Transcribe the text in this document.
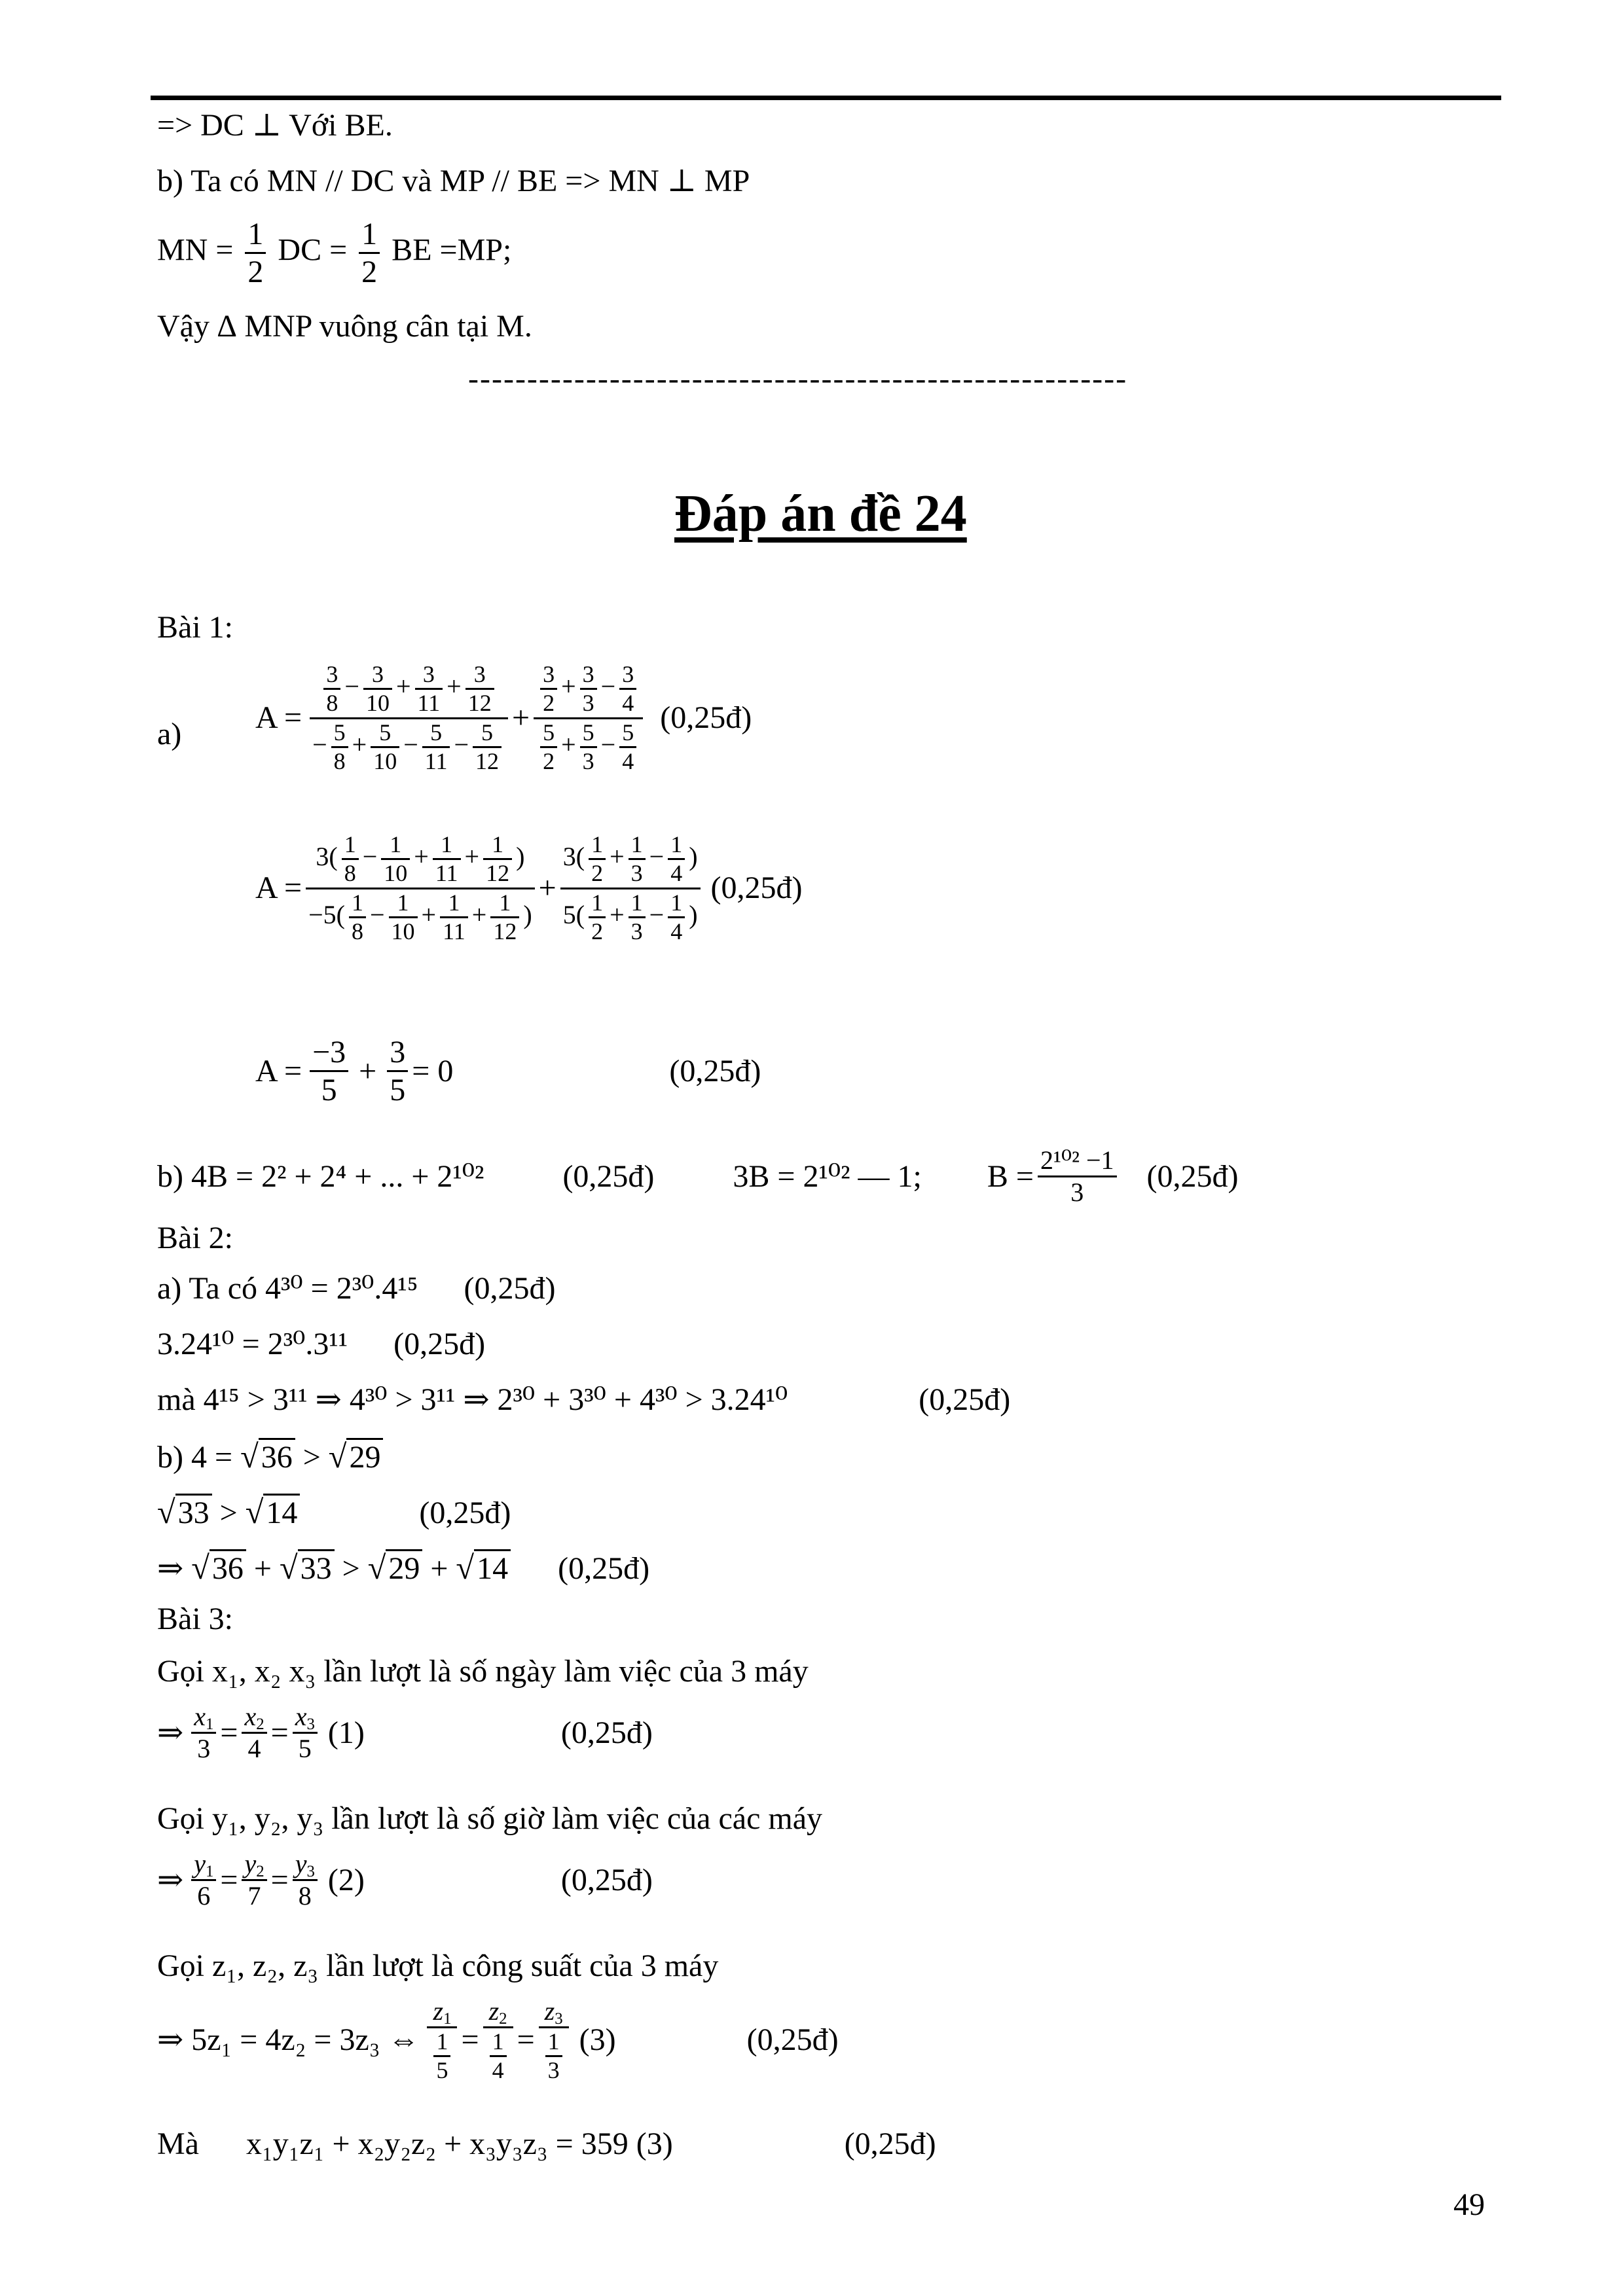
=> DC ⊥ Với BE.
b) Ta có MN // DC và MP // BE => MN ⊥ MP
MN = $\frac{1}{2}$ DC = $\frac{1}{2}$ BE =MP;
Vậy ∆ MNP vuông cân tại M.
--------------------------------------------------------
Đáp án đề 24
Bài 1:
a) $A = \frac{\frac{3}{8} - \frac{3}{10} + \frac{3}{11} + \frac{3}{12}}{- \frac{5}{8} + \frac{5}{10} - \frac{5}{11} - \frac{5}{12}} + \frac{\frac{3}{2} + \frac{3}{3} - \frac{3}{4}}{\frac{5}{2} + \frac{5}{3} - \frac{5}{4}}$ (0,25đ)
$A = \frac{3( \frac{1}{8} - \frac{1}{10} + \frac{1}{11} + \frac{1}{12} )}{-5( \frac{1}{8} - \frac{1}{10} + \frac{1}{11} + \frac{1}{12} )} + \frac{3( \frac{1}{2} + \frac{1}{3} - \frac{1}{4} )}{5( \frac{1}{2} + \frac{1}{3} - \frac{1}{4} )}$ (0,25đ)
$A = \frac{-3}{5} + \frac{3}{5} = 0$	(0,25đ)
b) 4B = 2² + 2⁴ + ... + 2¹⁰²	(0,25đ)	3B = 2¹⁰² — 1; $B = \frac{\text{2¹⁰² −1}}{3}$ (0,25đ)
Bài 2:
a) Ta có 4³⁰ = 2³⁰.4¹⁵ (0,25đ)
3.24¹⁰ = 2³⁰.3¹¹ (0,25đ)
mà 4¹⁵ > 3¹¹ ⇒ 4³⁰ > 3¹¹ ⇒ 2³⁰ + 3³⁰ + 4³⁰ > 3.24¹⁰	(0,25đ)
b) 4 = √36 > √29
√33 > √14	(0,25đ)
⇒ √36 + √33 > √29 + √14 (0,25đ)
Bài 3:
Gọi x₁, x₂ x₃ lần lượt là số ngày làm việc của 3 máy
⇒ $\frac{x_1}{3} = \frac{x_2}{4} = \frac{x_3}{5} (1)$	(0,25đ)
Gọi y₁, y₂, y₃ lần lượt là số giờ làm việc của các máy
⇒ $\frac{y_1}{6} = \frac{y_2}{7} = \frac{y_3}{8} (2)$	(0,25đ)
Gọi z₁, z₂, z₃ lần lượt là công suất của 3 máy
⇒ 5z₁ = 4z₂ = 3z₃ ⇔ $\frac{z_1}{\frac{1}{5}} = \frac{z_2}{\frac{1}{4}} = \frac{z_3}{\frac{1}{3}} (3)$	(0,25đ)
Mà x₁y₁z₁ + x₂y₂z₂ + x₃y₃z₃ = 359 (3)	(0,25đ)
49
